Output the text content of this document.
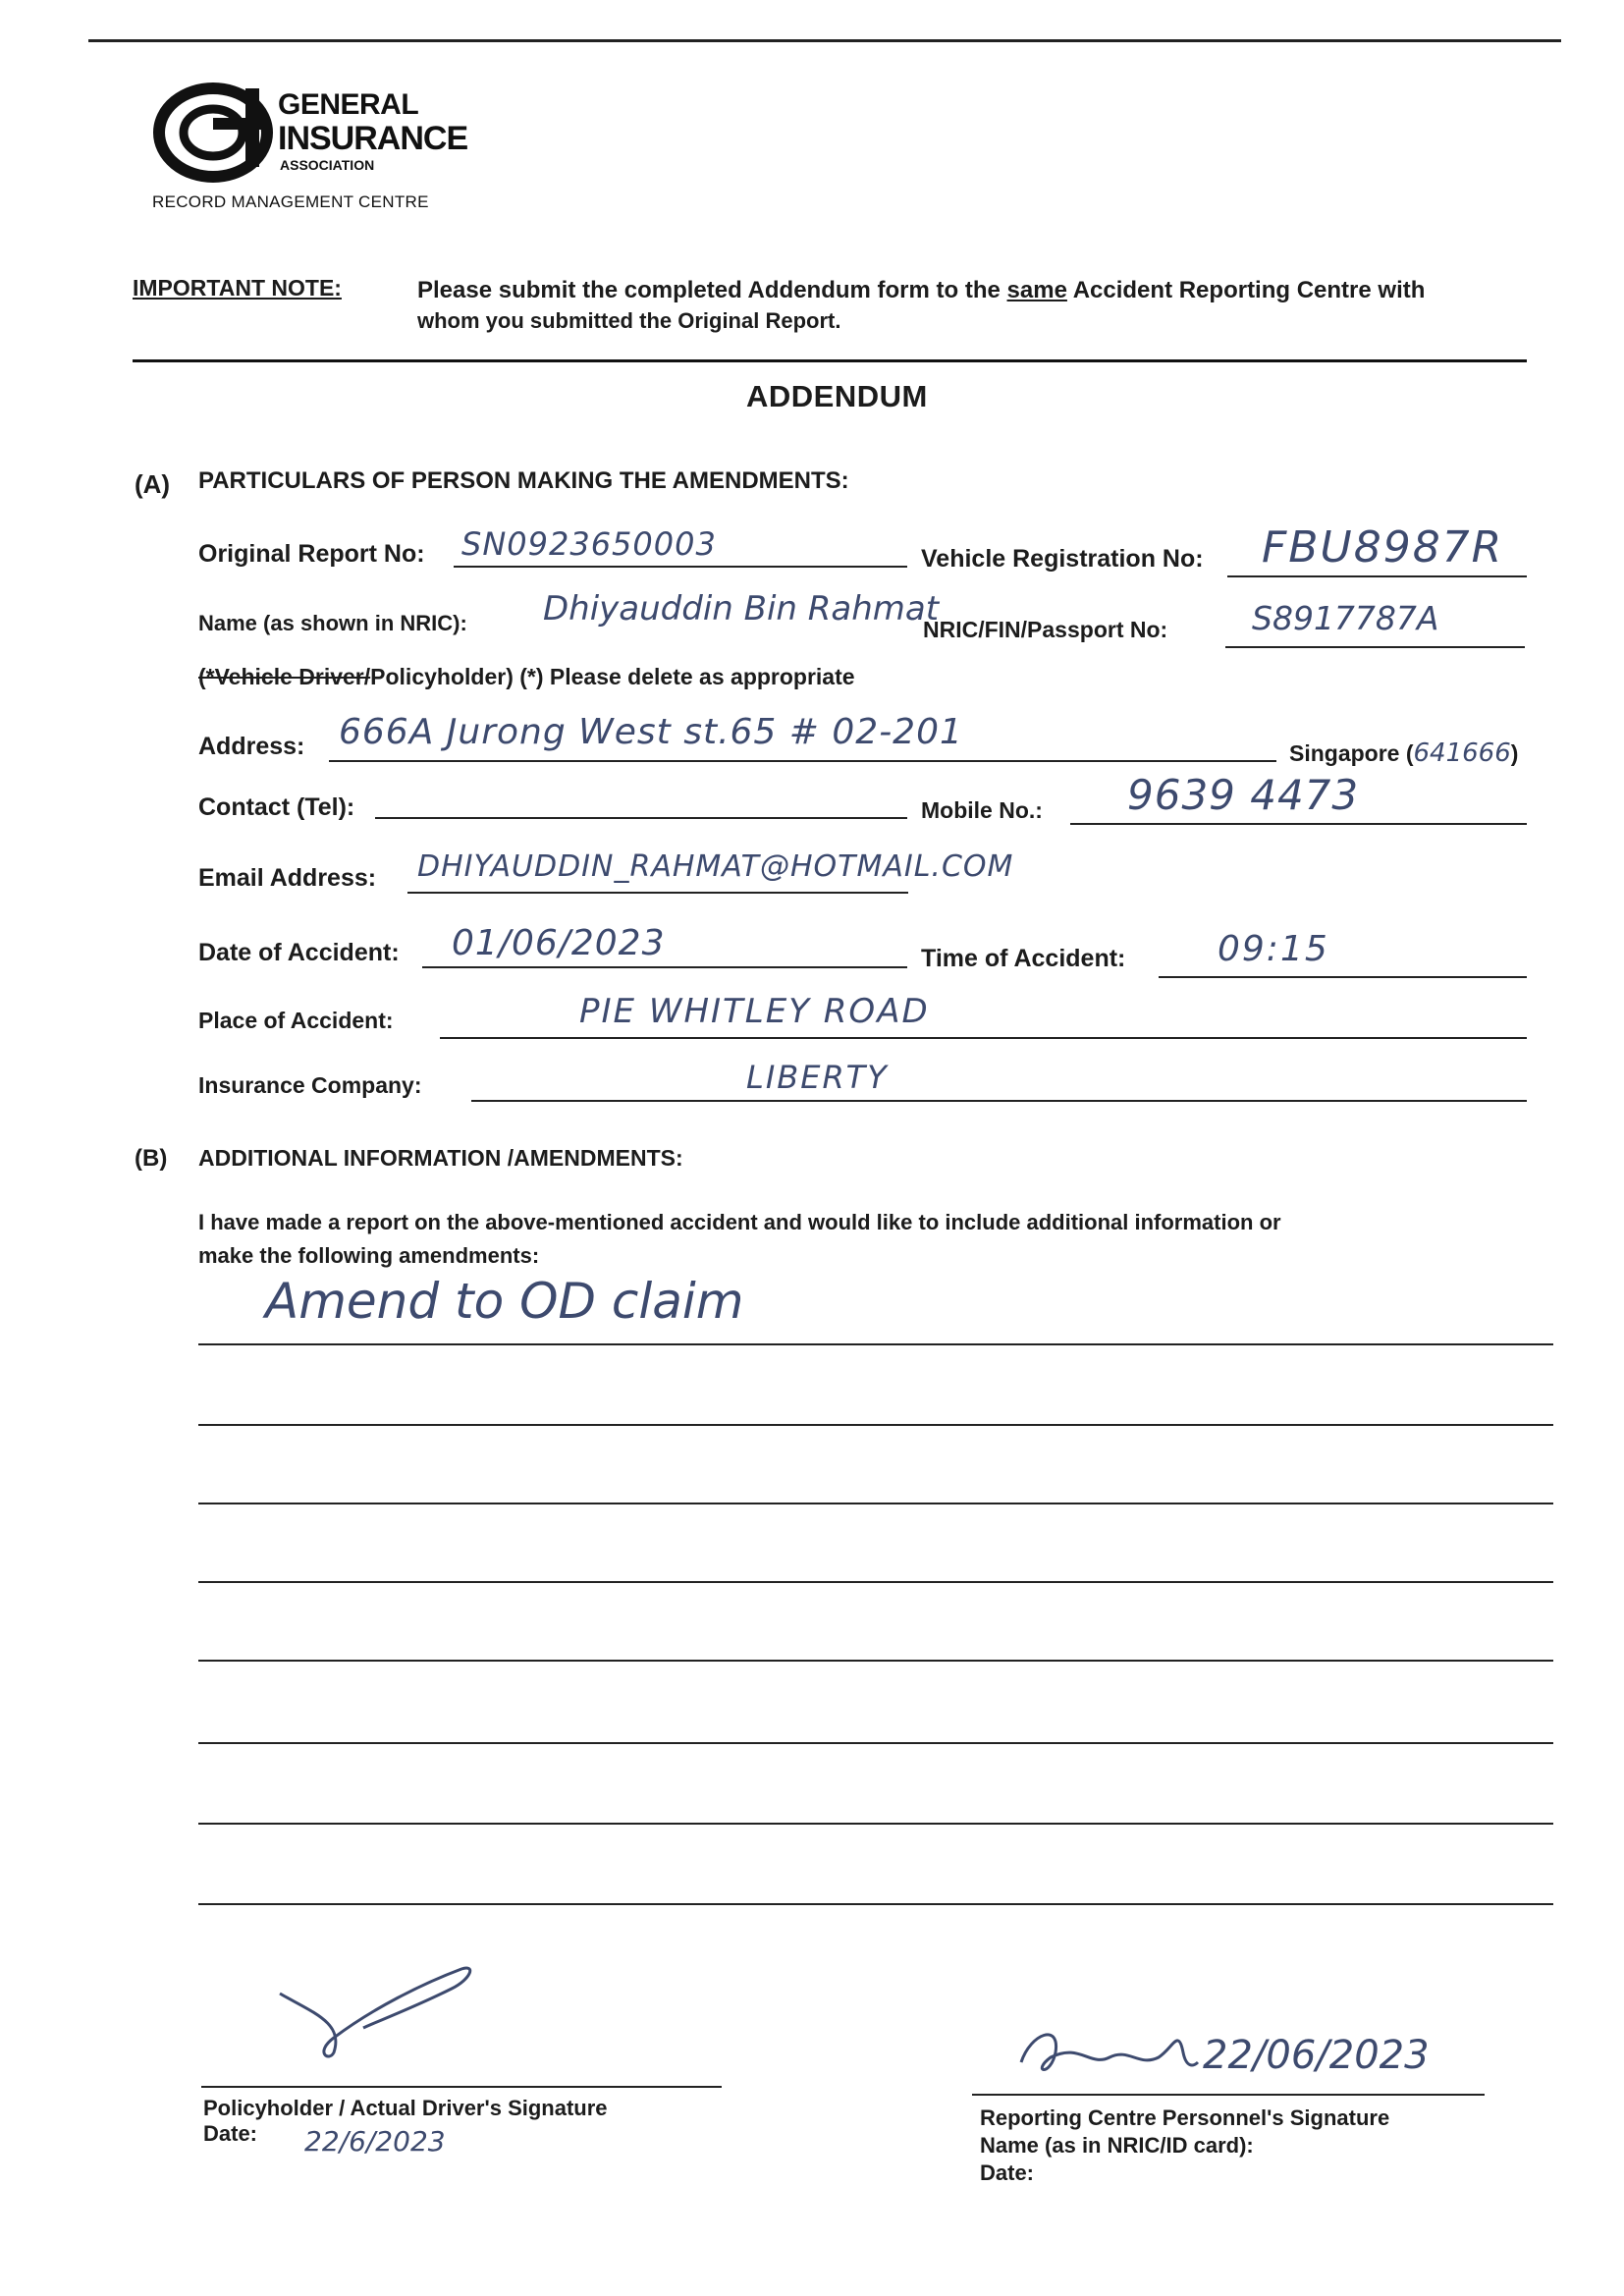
GENERAL
INSURANCE
ASSOCIATION
RECORD MANAGEMENT CENTRE
IMPORTANT NOTE:	Please submit the completed Addendum form to the same Accident Reporting Centre with
whom you submitted the Original Report.
ADDENDUM
(A) PARTICULARS OF PERSON MAKING THE AMENDMENTS:
Original Report No: SN0923650003	Vehicle Registration No: FBU8987R
Name (as shown in NRIC): Dhiyauddin Bin Rahmat
NRIC/FIN/Passport No:	S8917787A
(*Vehicle Driver/Policyholder) (*) Please delete as appropriate
Address: 666A Jurong West st.65 # 02-201
Singapore (641666)
Contact (Tel):	Mobile No.: 9639 4473
Email Address: DHIYAUDDIN_RAHMAT@HOTMAIL.COM
Date of Accident: 01/06/2023	Time of Accident:	09:15
Place of Accident:	PIE WHITLEY ROAD
Insurance Company:	LIBERTY
(B) ADDITIONAL INFORMATION /AMENDMENTS:
I have made a report on the above-mentioned accident and would like to include additional information or
make the following amendments:
Amend to OD claim
Policyholder / Actual Driver's Signature
Date: 22/6/2023
22/06/2023
Reporting Centre Personnel's Signature
Name (as in NRIC/ID card):
Date:
